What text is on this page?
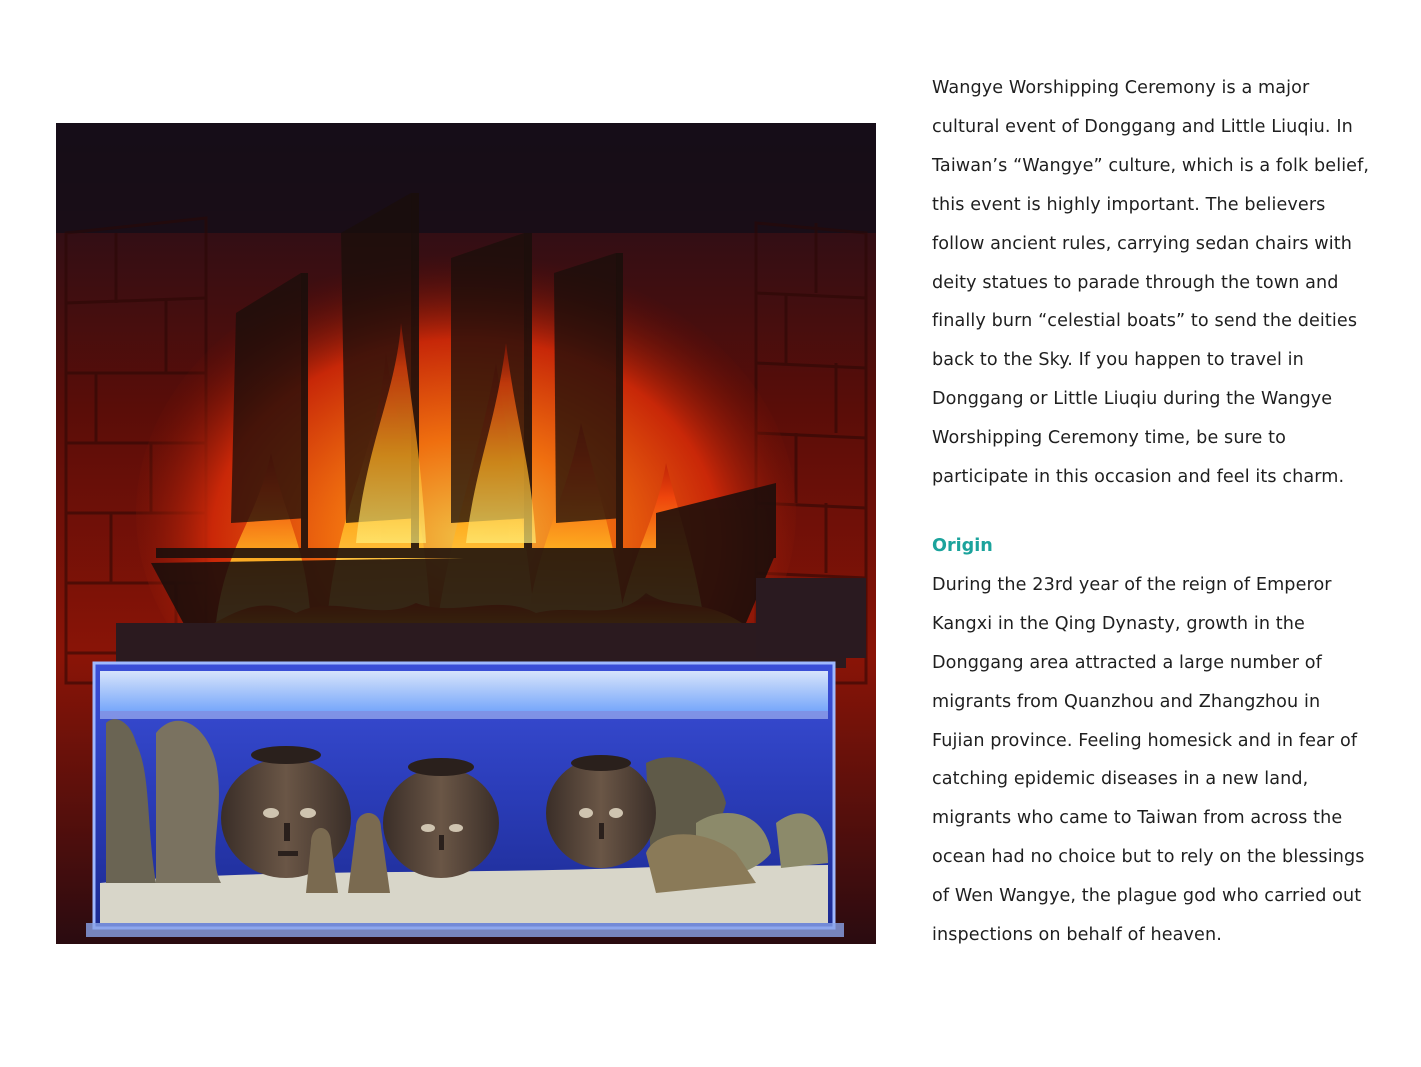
Wangye Worshipping Ceremony is a major cultural event of Donggang and Little Liuqiu. In Taiwan’s “Wangye” culture, which is a folk belief, this event is highly important. The believers follow ancient rules, carrying sedan chairs with deity statues to parade through the town and finally burn “celestial boats” to send the deities back to the Sky. If you happen to travel in Donggang or Little Liuqiu during the Wangye Worshipping Ceremony time, be sure to participate in this occasion and feel its charm.

Origin

During the 23rd year of the reign of Emperor Kangxi in the Qing Dynasty, growth in the Donggang area attracted a large number of migrants from Quanzhou and Zhangzhou in Fujian province. Feeling homesick and in fear of catching epidemic diseases in a new land, migrants who came to Taiwan from across the ocean had no choice but to rely on the blessings of Wen Wangye, the plague god who carried out inspections on behalf of heaven.
